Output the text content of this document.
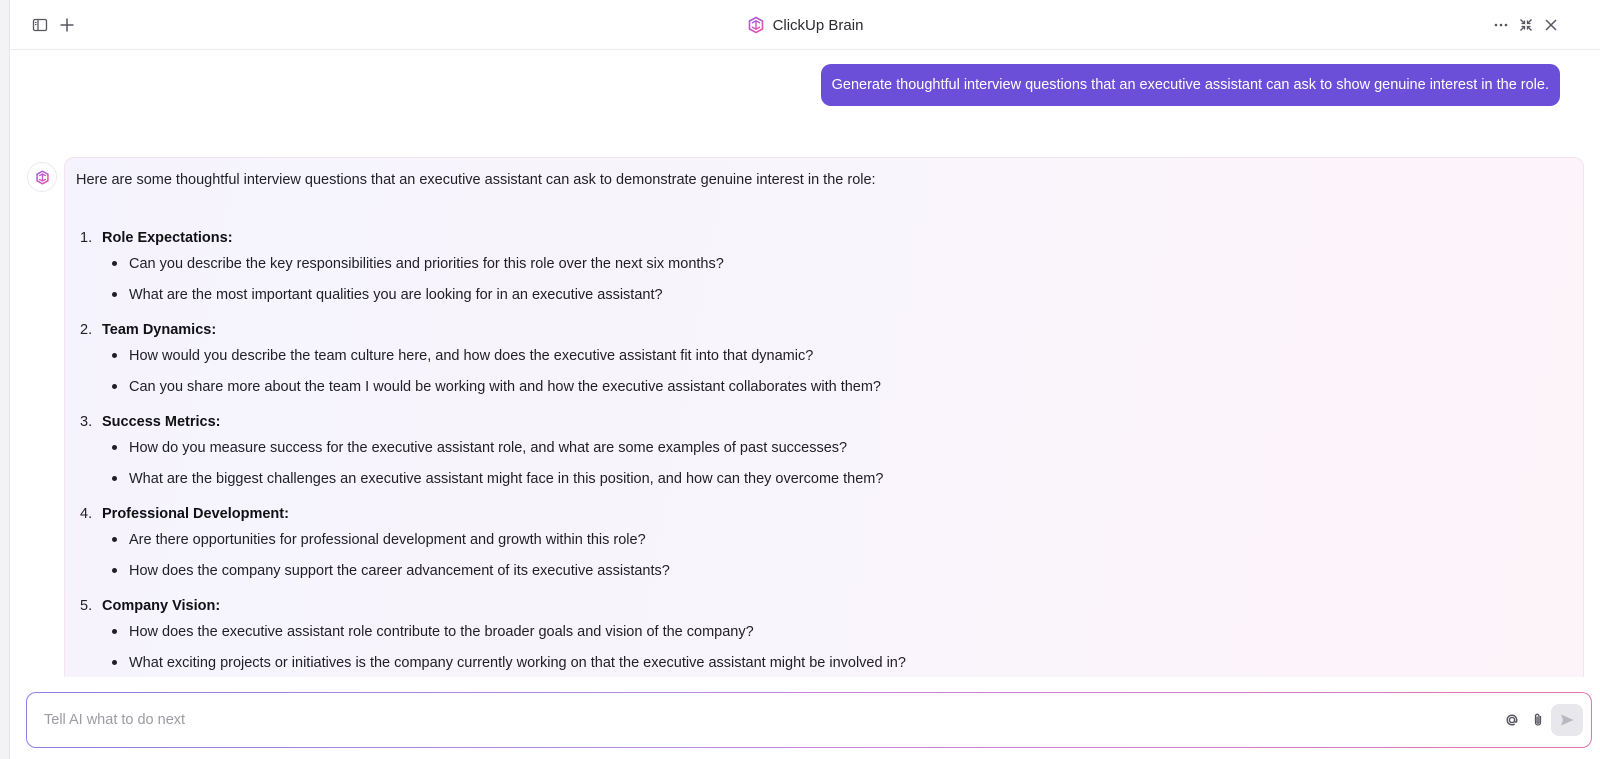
ClickUp Brain
Generate thoughtful interview questions that an executive assistant can ask to show genuine interest in the role.
Here are some thoughtful interview questions that an executive assistant can ask to demonstrate genuine interest in the role:
1. Role Expectations:
Can you describe the key responsibilities and priorities for this role over the next six months?
What are the most important qualities you are looking for in an executive assistant?
2. Team Dynamics:
How would you describe the team culture here, and how does the executive assistant fit into that dynamic?
Can you share more about the team I would be working with and how the executive assistant collaborates with them?
3. Success Metrics:
How do you measure success for the executive assistant role, and what are some examples of past successes?
What are the biggest challenges an executive assistant might face in this position, and how can they overcome them?
4. Professional Development:
Are there opportunities for professional development and growth within this role?
How does the company support the career advancement of its executive assistants?
5. Company Vision:
How does the executive assistant role contribute to the broader goals and vision of the company?
What exciting projects or initiatives is the company currently working on that the executive assistant might be involved in?
Tell AI what to do next
